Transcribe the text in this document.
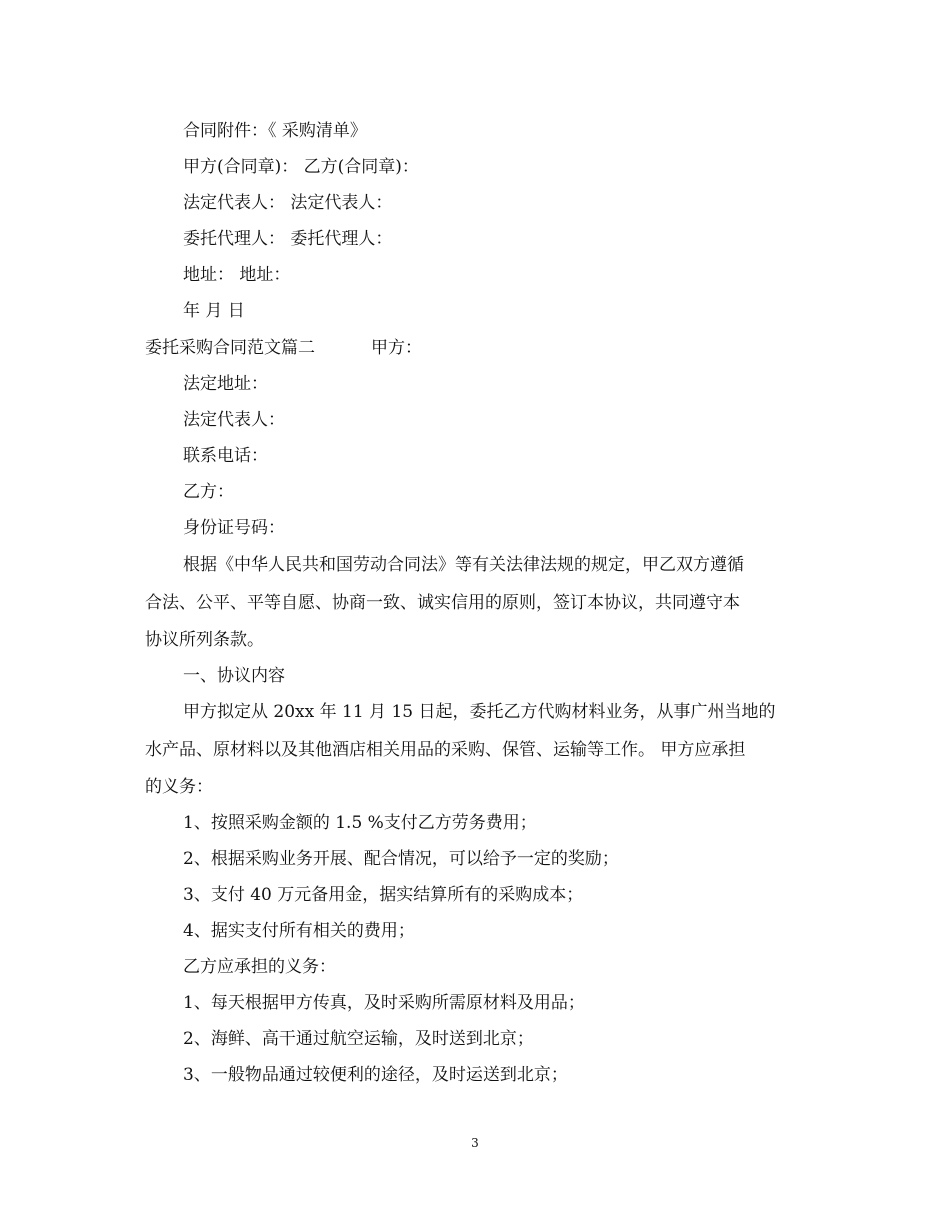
合同附件：《 采购清单》
甲方(合同章)： 乙方(合同章)：
法定代表人： 法定代表人：
委托代理人： 委托代理人：
地址： 地址：
年 月 日
委托采购合同范文篇二	甲方：
法定地址：
法定代表人：
联系电话：
乙方：
身份证号码：
根据《中华人民共和国劳动合同法》等有关法律法规的规定，甲乙双方遵循
合法、公平、平等自愿、协商一致、诚实信用的原则，签订本协议，共同遵守本
协议所列条款。
一、协议内容
甲方拟定从 20xx 年 11 月 15 日起，委托乙方代购材料业务，从事广州当地的
水产品、原材料以及其他酒店相关用品的采购、保管、运输等工作。 甲方应承担
的义务：
1、按照采购金额的 1.5 %支付乙方劳务费用；
2、根据采购业务开展、配合情况，可以给予一定的奖励；
3、支付 40 万元备用金，据实结算所有的采购成本；
4、据实支付所有相关的费用；
乙方应承担的义务：
1、每天根据甲方传真，及时采购所需原材料及用品；
2、海鲜、高干通过航空运输，及时送到北京；
3、一般物品通过较便利的途径，及时运送到北京；
3
